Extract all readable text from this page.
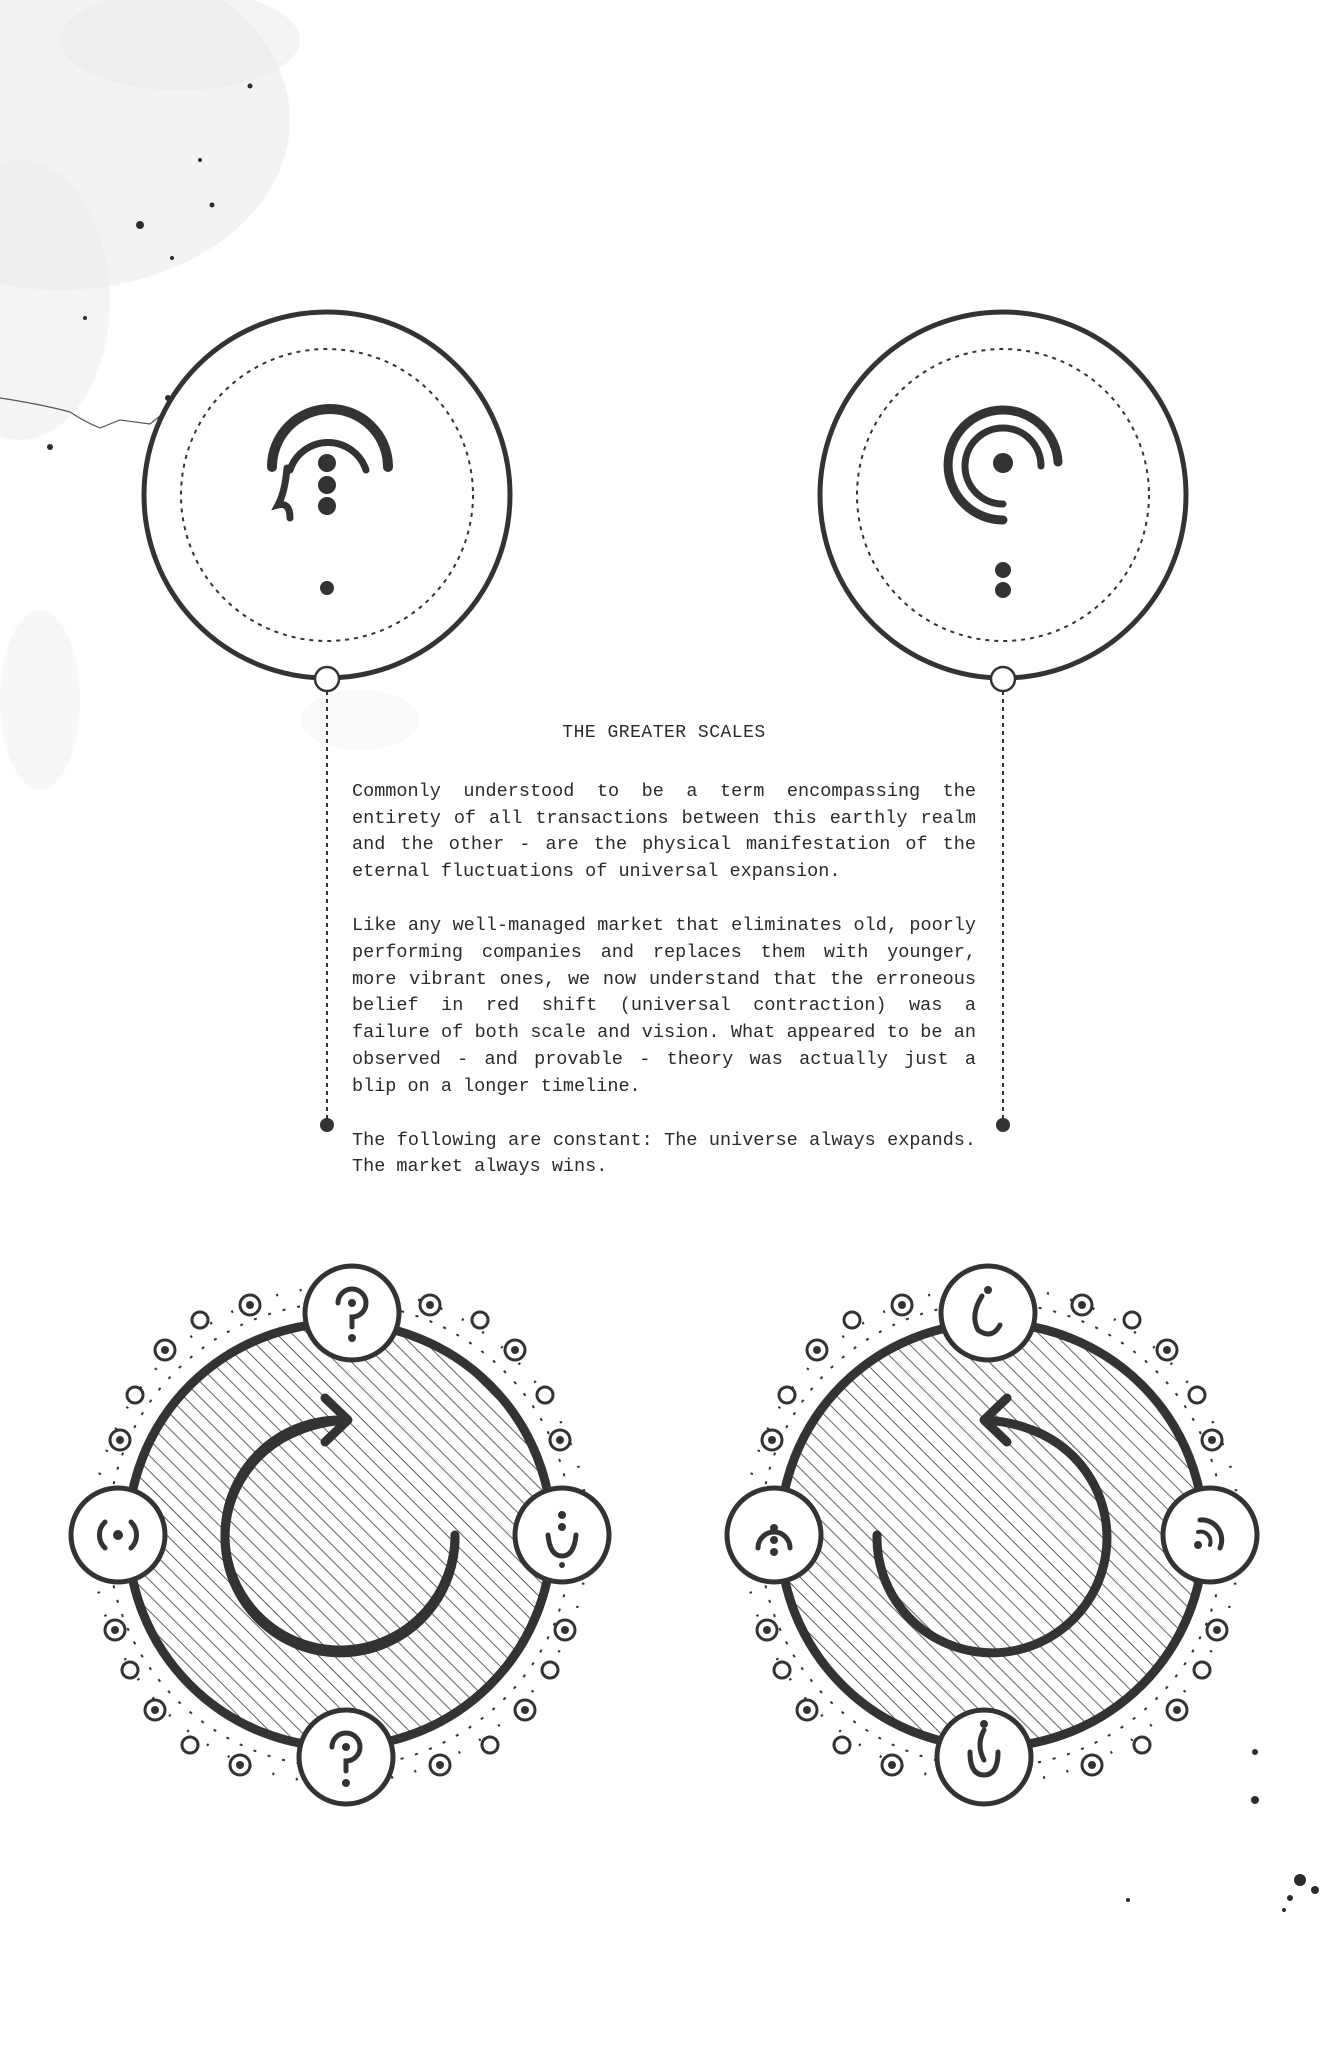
THE GREATER SCALES

Commonly understood to be a term encompassing the entirety of all transactions between this earthly realm and the other - are the physical manifestation of the eternal fluctuations of universal expansion.

Like any well-managed market that eliminates old, poorly performing companies and replaces them with younger, more vibrant ones, we now understand that the erroneous belief in red shift (universal contraction) was a failure of both scale and vision. What appeared to be an observed - and provable - theory was actually just a blip on a longer timeline.

The following are constant: The universe always expands. The market always wins.
